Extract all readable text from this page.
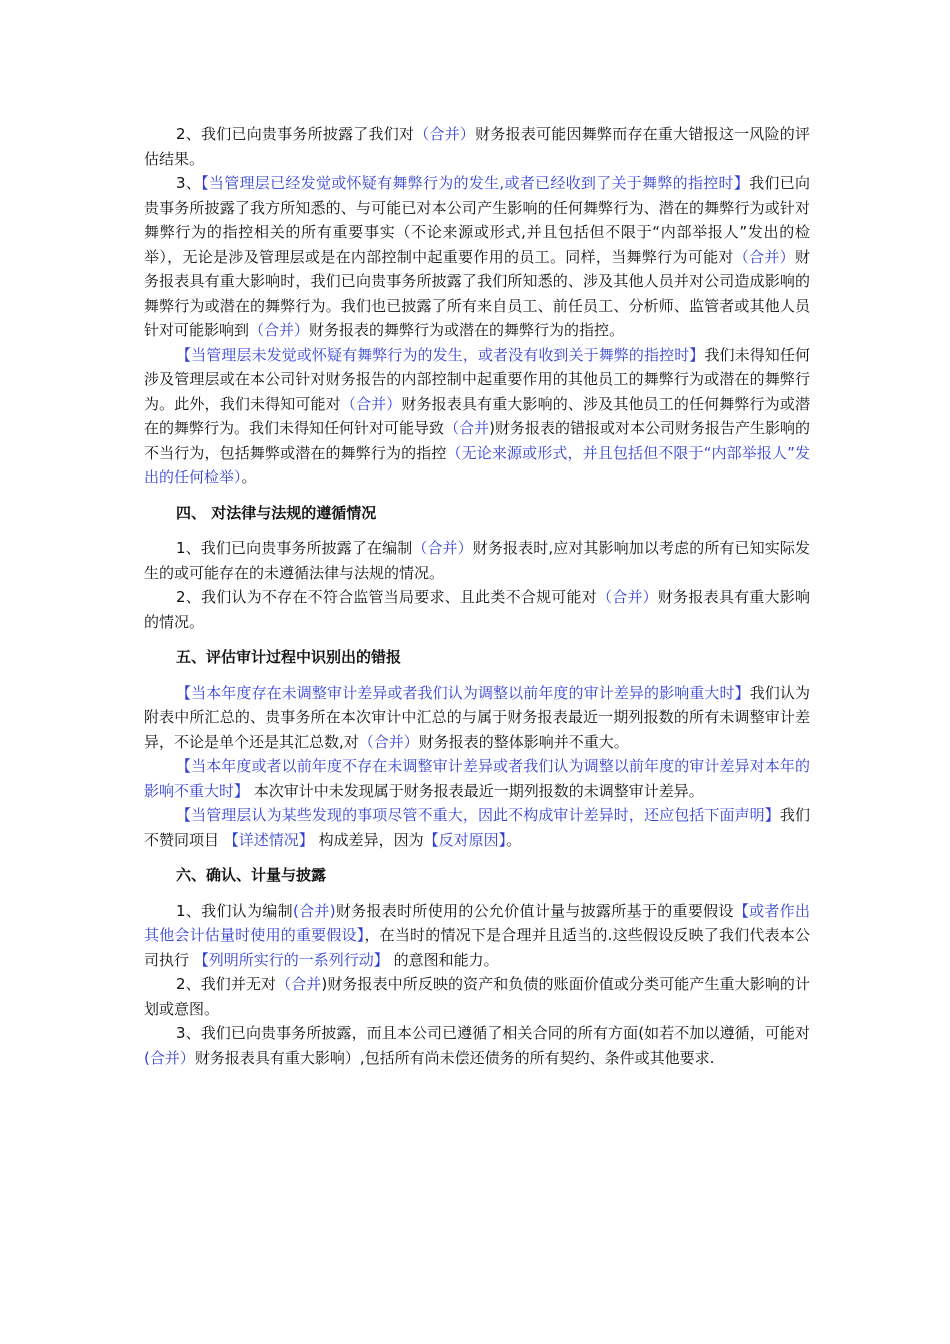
2、我们已向贵事务所披露了我们对（合并）财务报表可能因舞弊而存在重大错报这一风险的评估结果。

3、【当管理层已经发觉或怀疑有舞弊行为的发生,或者已经收到了关于舞弊的指控时】我们已向贵事务所披露了我方所知悉的、与可能已对本公司产生影响的任何舞弊行为、潜在的舞弊行为或针对舞弊行为的指控相关的所有重要事实（不论来源或形式,并且包括但不限于“内部举报人”发出的检举），无论是涉及管理层或是在内部控制中起重要作用的员工。同样，当舞弊行为可能对（合并）财务报表具有重大影响时，我们已向贵事务所披露了我们所知悉的、涉及其他人员并对公司造成影响的舞弊行为或潜在的舞弊行为。我们也已披露了所有来自员工、前任员工、分析师、监管者或其他人员针对可能影响到（合并）财务报表的舞弊行为或潜在的舞弊行为的指控。

【当管理层未发觉或怀疑有舞弊行为的发生，或者没有收到关于舞弊的指控时】我们未得知任何涉及管理层或在本公司针对财务报告的内部控制中起重要作用的其他员工的舞弊行为或潜在的舞弊行为。此外，我们未得知可能对（合并）财务报表具有重大影响的、涉及其他员工的任何舞弊行为或潜在的舞弊行为。我们未得知任何针对可能导致（合并)财务报表的错报或对本公司财务报告产生影响的不当行为，包括舞弊或潜在的舞弊行为的指控（无论来源或形式，并且包括但不限于“内部举报人”发出的任何检举）。

四、 对法律与法规的遵循情况

1、我们已向贵事务所披露了在编制（合并）财务报表时,应对其影响加以考虑的所有已知实际发生的或可能存在的未遵循法律与法规的情况。

2、我们认为不存在不符合监管当局要求、且此类不合规可能对（合并）财务报表具有重大影响的情况。

五、评估审计过程中识别出的错报

【当本年度存在未调整审计差异或者我们认为调整以前年度的审计差异的影响重大时】我们认为附表中所汇总的、贵事务所在本次审计中汇总的与属于财务报表最近一期列报数的所有未调整审计差异，不论是单个还是其汇总数,对（合并）财务报表的整体影响并不重大。

【当本年度或者以前年度不存在未调整审计差异或者我们认为调整以前年度的审计差异对本年的影响不重大时】 本次审计中未发现属于财务报表最近一期列报数的未调整审计差异。

【当管理层认为某些发现的事项尽管不重大，因此不构成审计差异时，还应包括下面声明】我们不赞同项目 【详述情况】 构成差异，因为【反对原因】。

六、确认、计量与披露

1、我们认为编制(合并)财务报表时所使用的公允价值计量与披露所基于的重要假设【或者作出其他会计估量时使用的重要假设】，在当时的情况下是合理并且适当的.这些假设反映了我们代表本公司执行 【列明所实行的一系列行动】 的意图和能力。

2、我们并无对（合并)财务报表中所反映的资产和负债的账面价值或分类可能产生重大影响的计划或意图。

3、我们已向贵事务所披露，而且本公司已遵循了相关合同的所有方面(如若不加以遵循，可能对(合并）财务报表具有重大影响）,包括所有尚未偿还债务的所有契约、条件或其他要求.
